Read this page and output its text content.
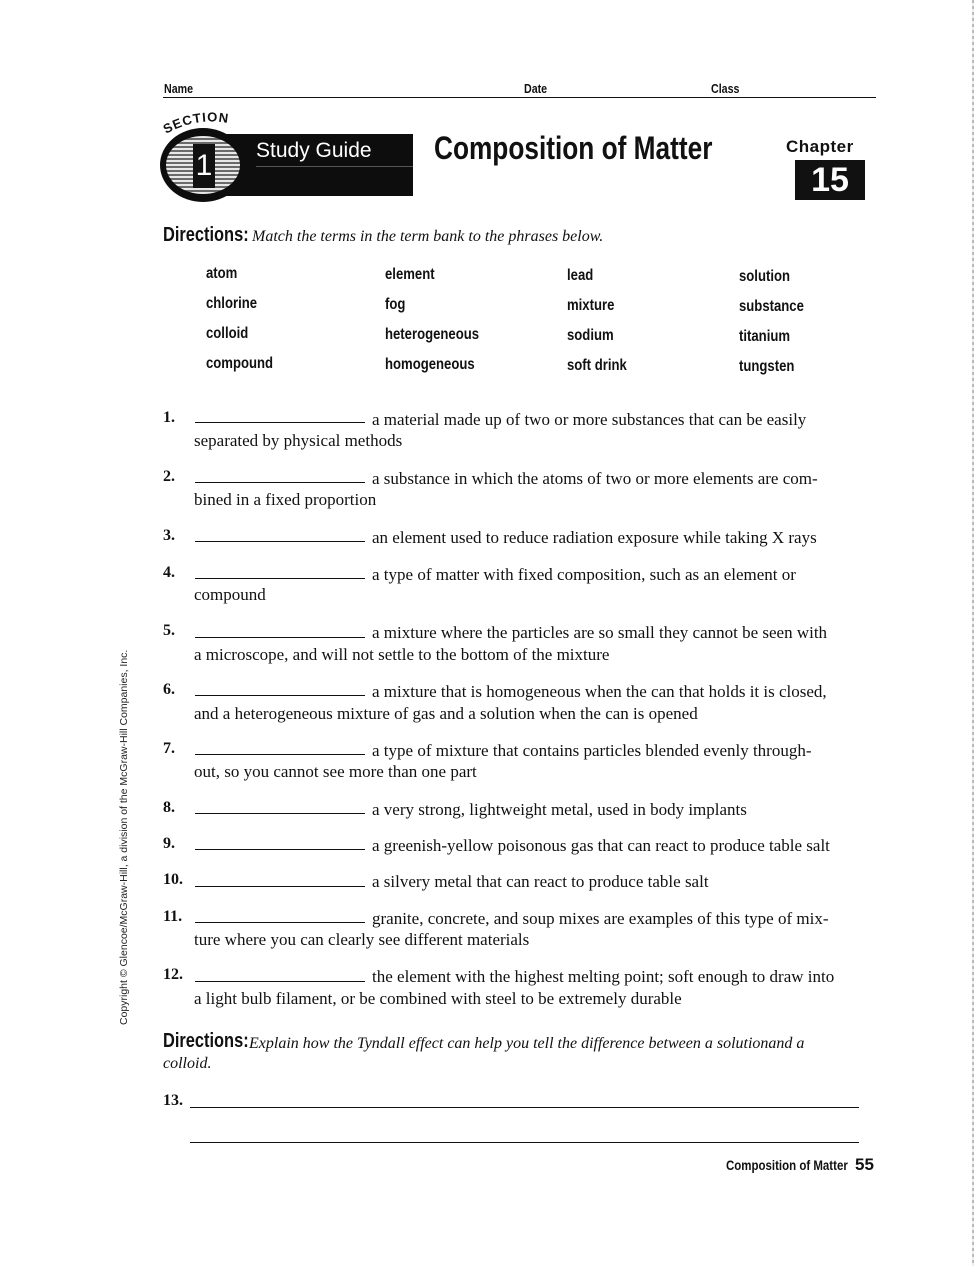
Name	Date	Class
SECTION
1 Study Guide Composition of Matter	Chapter
15
Directions: Match the terms in the term bank to the phrases below.
atom	element	lead	solution
chlorine	fog	mixture	substance
colloid	heterogeneous	sodium	titanium
compound	homogeneous	soft drink	tungsten
1.	a material made up of two or more substances that can be easily
separated by physical methods
2.	a substance in which the atoms of two or more elements are com-
bined in a fixed proportion
3.	an element used to reduce radiation exposure while taking X rays
4.	a type of matter with fixed composition, such as an element or
compound
5.	a mixture where the particles are so small they cannot be seen with
a microscope, and will not settle to the bottom of the mixture
6.	a mixture that is homogeneous when the can that holds it is closed,
and a heterogeneous mixture of gas and a solution when the can is opened
7.	a type of mixture that contains particles blended evenly through-
out, so you cannot see more than one part
8.	a very strong, lightweight metal, used in body implants
9.	a greenish-yellow poisonous gas that can react to produce table salt
10.	a silvery metal that can react to produce table salt
11.	granite, concrete, and soup mixes are examples of this type of mix-
ture where you can clearly see different materials
12.	the element with the highest melting point; soft enough to draw into
a light bulb filament, or be combined with steel to be extremely durable
Directions: Explain how the Tyndall effect can help you tell the difference between a solutionand a
colloid.
13.
Composition of Matter 55
Copyright © Glencoe/McGraw-Hill, a division of the McGraw-Hill Companies, Inc.
